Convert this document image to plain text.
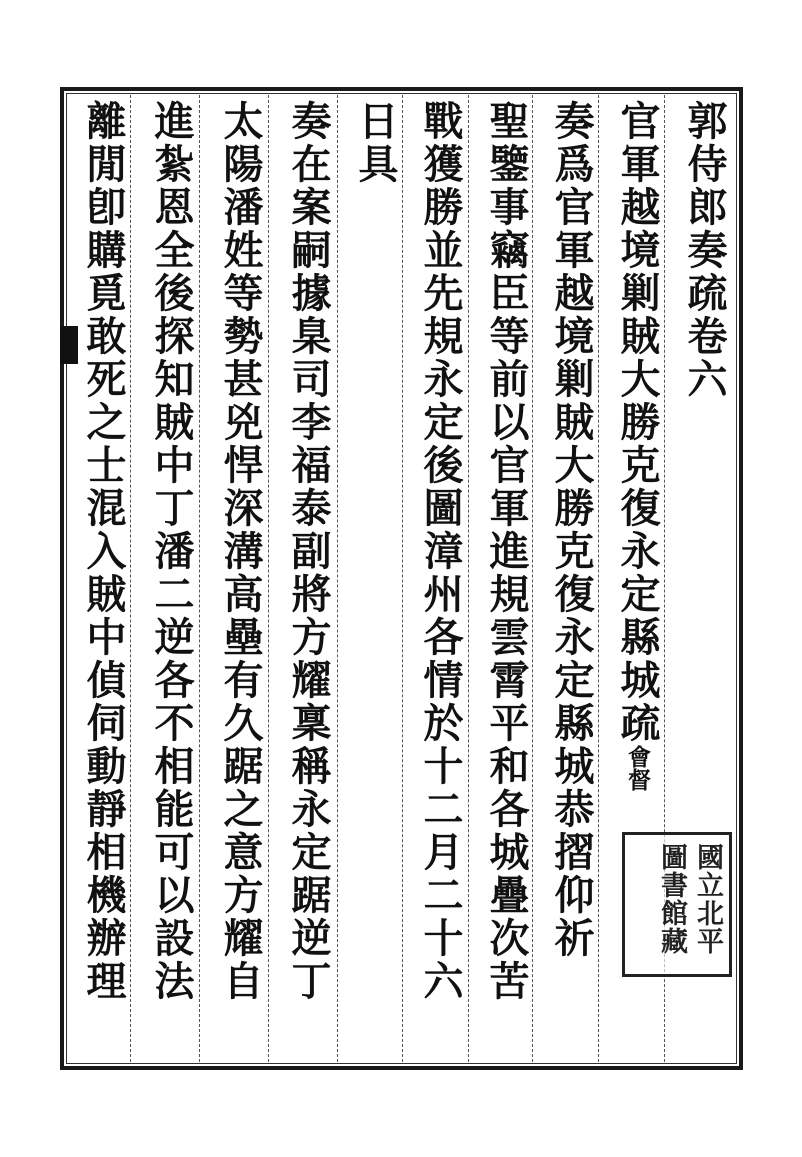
郭侍郎奏疏卷六
官軍越境剿賊大勝克復永定縣城疏會督
奏爲官軍越境剿賊大勝克復永定縣城恭摺仰祈
聖鑒事竊臣等前以官軍進規雲霄平和各城疊次苦
戰獲勝並先規永定後圖漳州各情於十二月二十六
日具
奏在案嗣據臬司李福泰副將方耀稟稱永定踞逆丁
太陽潘姓等勢甚兇悍深溝高壘有久踞之意方耀自
進紮恩全後探知賊中丁潘二逆各不相能可以設法
離閒卽購覓敢死之士混入賊中偵伺動靜相機辦理	國立北平圖書館藏
